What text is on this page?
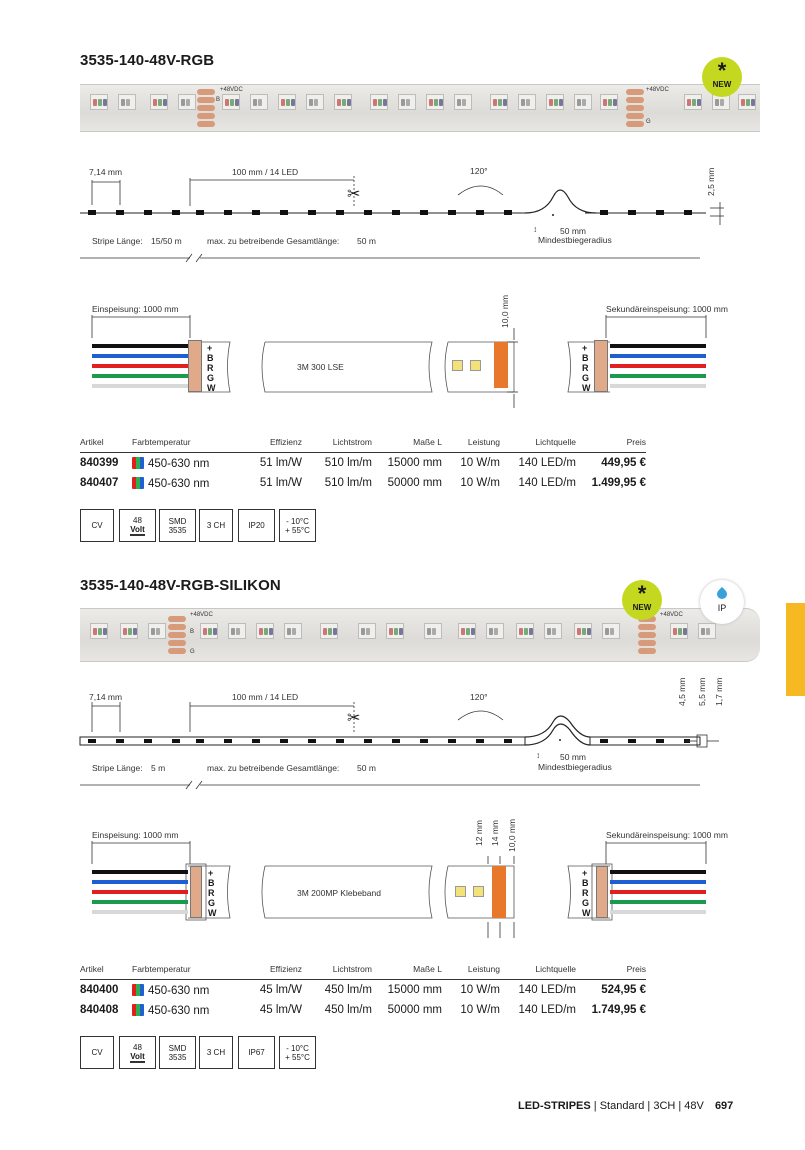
3535-140-48V-RGB
+48VDC	+48VDC
B
G
*
NEW
✂
7,14 mm	100 mm / 14 LED	120°	2,5 mm
↕	50 mm
Mindestbiegeradius
Stripe Länge: 15/50 m	max. zu betreibende Gesamtlänge: 50 m
Einspeisung: 1000 mm	Sekundäreinspeisung: 1000 mm
+
B
R
G
W
+
B
R
G
W
3M 300 LSE
10,0 mm
Artikel	Farbtemperatur	Effizienz	Lichtstrom	Maße L	Leistung	Lichtquelle	Preis
840399	450-630 nm	51 lm/W	510 lm/m	15000 mm	10 W/m	140 LED/m	449,95 €
840407	450-630 nm	51 lm/W	510 lm/m	50000 mm	10 W/m	140 LED/m	1.499,95 €
CV
48
Volt
SMD
3535	3 CH	IP20	- 10°C
+ 55°C
3535-140-48V-RGB-SILIKON
+48VDC	+48VDC
B
G
*
NEW	IP
✂
7,14 mm	100 mm / 14 LED	120°	4,5 mm 5,5 mm 1,7 mm
↕ 50 mm
Mindestbiegeradius
Stripe Länge: 5 m	max. zu betreibende Gesamtlänge: 50 m
Einspeisung: 1000 mm	Sekundäreinspeisung: 1000 mm
+
B
R
G
W
+
B
R
G
W
3M 200MP Klebeband
12 mm 14 mm 10,0 mm
Artikel	Farbtemperatur	Effizienz	Lichtstrom	Maße L	Leistung	Lichtquelle	Preis
840400	450-630 nm	45 lm/W	450 lm/m	15000 mm	10 W/m	140 LED/m	524,95 €
840408	450-630 nm	45 lm/W	450 lm/m	50000 mm	10 W/m	140 LED/m	1.749,95 €
CV
48
Volt
SMD
3535	3 CH	IP67	- 10°C
+ 55°C
LED-STRIPES | Standard | 3CH | 48V 697
